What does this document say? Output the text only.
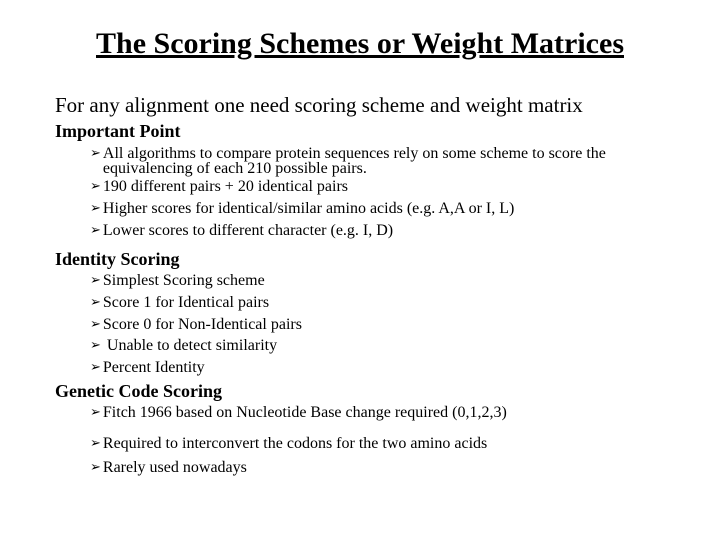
The Scoring Schemes or Weight Matrices
For any alignment one need scoring scheme and weight matrix
Important Point
➢ All algorithms to compare protein sequences rely on some scheme to score the equivalencing of each 210 possible pairs.
➢ 190 different pairs + 20 identical pairs
➢ Higher scores for identical/similar amino acids (e.g. A,A or I, L)
➢ Lower scores to different character (e.g. I, D)
Identity Scoring
➢ Simplest Scoring scheme
➢ Score 1 for Identical pairs
➢ Score 0 for Non-Identical pairs
➢ Unable to detect similarity
➢ Percent Identity
Genetic Code Scoring
➢ Fitch 1966 based on Nucleotide Base change required (0,1,2,3)
➢ Required to interconvert the codons for the two amino acids
➢ Rarely used nowadays
